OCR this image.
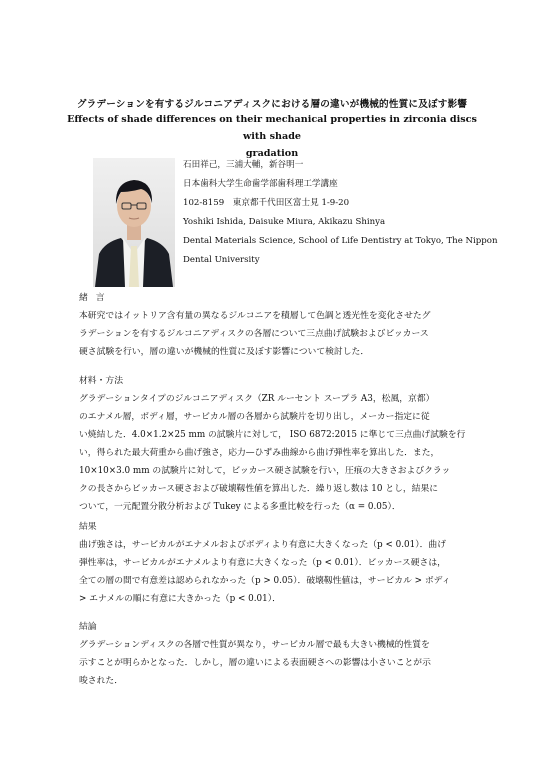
グラデーションを有するジルコニアディスクにおける層の違いが機械的性質に及ぼす影響
Effects of shade differences on their mechanical properties in zirconia discs with shade
gradation
石田祥己，三浦大輔，新谷明一
日本歯科大学生命歯学部歯科理工学講座
102-8159　東京都千代田区富士見 1-9-20
Yoshiki Ishida, Daisuke Miura, Akikazu Shinya
Dental Materials Science, School of Life Dentistry at Tokyo, The Nippon
Dental University
緒言
本研究ではイットリア含有量の異なるジルコニアを積層して色調と透光性を変化させたグ
ラデーションを有するジルコニアディスクの各層について三点曲げ試験およびビッカース
硬さ試験を行い，層の違いが機械的性質に及ぼす影響について検討した．
材料・方法
グラデーションタイプのジルコニアディスク（ZR ルーセント スープラ A3，松風，京都）
のエナメル層，ボディ層，サービカル層の各層から試験片を切り出し，メーカー指定に従
い焼結した．4.0×1.2×25 mm の試験片に対して， ISO 6872:2015 に準じて三点曲げ試験を行
い，得られた最大荷重から曲げ強さ，応力—ひずみ曲線から曲げ弾性率を算出した．また，
10×10×3.0 mm の試験片に対して，ビッカース硬さ試験を行い，圧痕の大きさおよびクラッ
クの長さからビッカース硬さおよび破壊靱性値を算出した．繰り返し数は 10 とし，結果に
ついて，一元配置分散分析および Tukey による多重比較を行った（α = 0.05）．
結果
曲げ強さは，サービカルがエナメルおよびボディより有意に大きくなった（p < 0.01）．曲げ
弾性率は，サービカルがエナメルより有意に大きくなった（p < 0.01）．ビッカース硬さは，
全ての層の間で有意差は認められなかった（p > 0.05）．破壊靱性値は，サービカル > ボディ
> エナメルの順に有意に大きかった（p < 0.01）．
結論
グラデーションディスクの各層で性質が異なり，サービカル層で最も大きい機械的性質を
示すことが明らかとなった．しかし，層の違いによる表面硬さへの影響は小さいことが示
唆された．
